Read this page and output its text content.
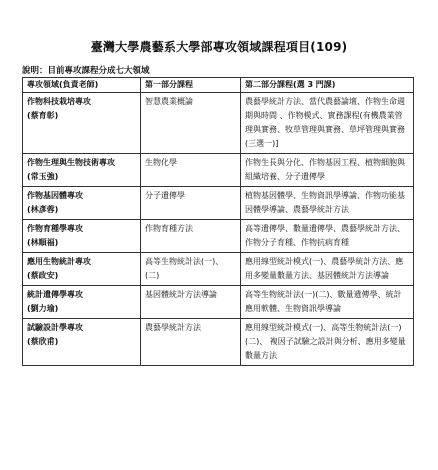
臺灣大學農藝系大學部專攻領域課程項目(109)
說明：目前專攻課程分成七大領域
專攻領域(負責老師)	第一部分課程	第二部分課程(選 3 門課)

作物科技栽培專攻
(蔡育彰)	智慧農業概論	農藝學統計方法、當代農藝論壇、作物生命週期與時間 、作物模式、實務課程(有機農業管理與實務、牧草管理與實務、草坪管理與實務 (三選一)]

作物生理與生物技術專攻
(常玉強)	生物化學	作物生長與分化、作物基因工程、植物細胞與組織培養、分子遺傳學

作物基因體專攻
(林彥蓉)	分子遺傳學	植物基因體學、生物資訊學導論、作物功能基因體學導論、農藝學統計方法

作物育種學專攻
(林順福)	作物育種方法	高等遺傳學、數量遺傳學、農藝學統計方法、作物分子育種、作物抗病育種

應用生物統計專攻
(蔡政安)	高等生物統計法(一)、(二)	應用線型統計模式(一)、農藝學統計方法、應用多變量數量方法、基因體統計方法導論

統計遺傳學專攻
(劉力瑜)	基因體統計方法導論	高等生物統計法(一)(二)、數量遺傳學、統計應用軟體、生物資訊學導論

試驗設計學專攻
(蔡欣甫)	農藝學統計方法	應用線型統計模式(一)、高等生物統計法(一)(二)、 複因子試驗之設計與分析、應用多變量數量方法
